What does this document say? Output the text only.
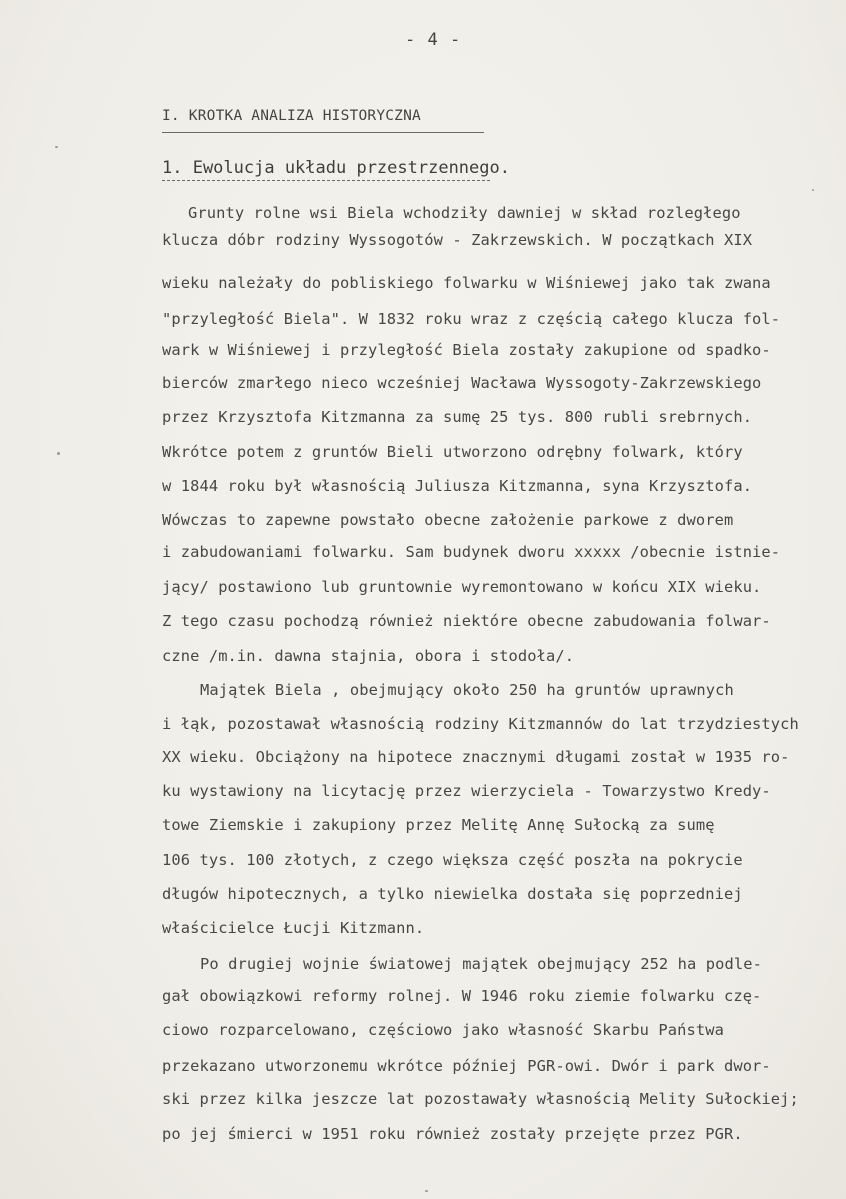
- 4 -
I. KROTKA ANALIZA HISTORYCZNA
1. Ewolucja układu przestrzennego.
Grunty rolne wsi Biela wchodziły dawniej w skład rozległego
klucza dóbr rodziny Wyssogotów - Zakrzewskich. W początkach XIX
wieku należały do pobliskiego folwarku w Wiśniewej jako tak zwana
"przyległość Biela". W 1832 roku wraz z częścią całego klucza fol-
wark w Wiśniewej i przyległość Biela zostały zakupione od spadko-
bierców zmarłego nieco wcześniej Wacława Wyssogoty-Zakrzewskiego
przez Krzysztofa Kitzmanna za sumę 25 tys. 800 rubli srebrnych.
Wkrótce potem z gruntów Bieli utworzono odrębny folwark, który
w 1844 roku był własnością Juliusza Kitzmanna, syna Krzysztofa.
Wówczas to zapewne powstało obecne założenie parkowe z dworem
i zabudowaniami folwarku. Sam budynek dworu xxxxx /obecnie istnie-
jący/ postawiono lub gruntownie wyremontowano w końcu XIX wieku.
Z tego czasu pochodzą również niektóre obecne zabudowania folwar-
czne /m.in. dawna stajnia, obora i stodoła/.
Majątek Biela , obejmujący około 250 ha gruntów uprawnych
i łąk, pozostawał własnością rodziny Kitzmannów do lat trzydziestych
XX wieku. Obciążony na hipotece znacznymi długami został w 1935 ro-
ku wystawiony na licytację przez wierzyciela - Towarzystwo Kredy-
towe Ziemskie i zakupiony przez Melitę Annę Sułocką za sumę
106 tys. 100 złotych, z czego większa część poszła na pokrycie
długów hipotecznych, a tylko niewielka dostała się poprzedniej
właścicielce Łucji Kitzmann.
Po drugiej wojnie światowej majątek obejmujący 252 ha podle-
gał obowiązkowi reformy rolnej. W 1946 roku ziemie folwarku czę-
ciowo rozparcelowano, częściowo jako własność Skarbu Państwa
przekazano utworzonemu wkrótce później PGR-owi. Dwór i park dwor-
ski przez kilka jeszcze lat pozostawały własnością Melity Sułockiej;
po jej śmierci w 1951 roku również zostały przejęte przez PGR.
